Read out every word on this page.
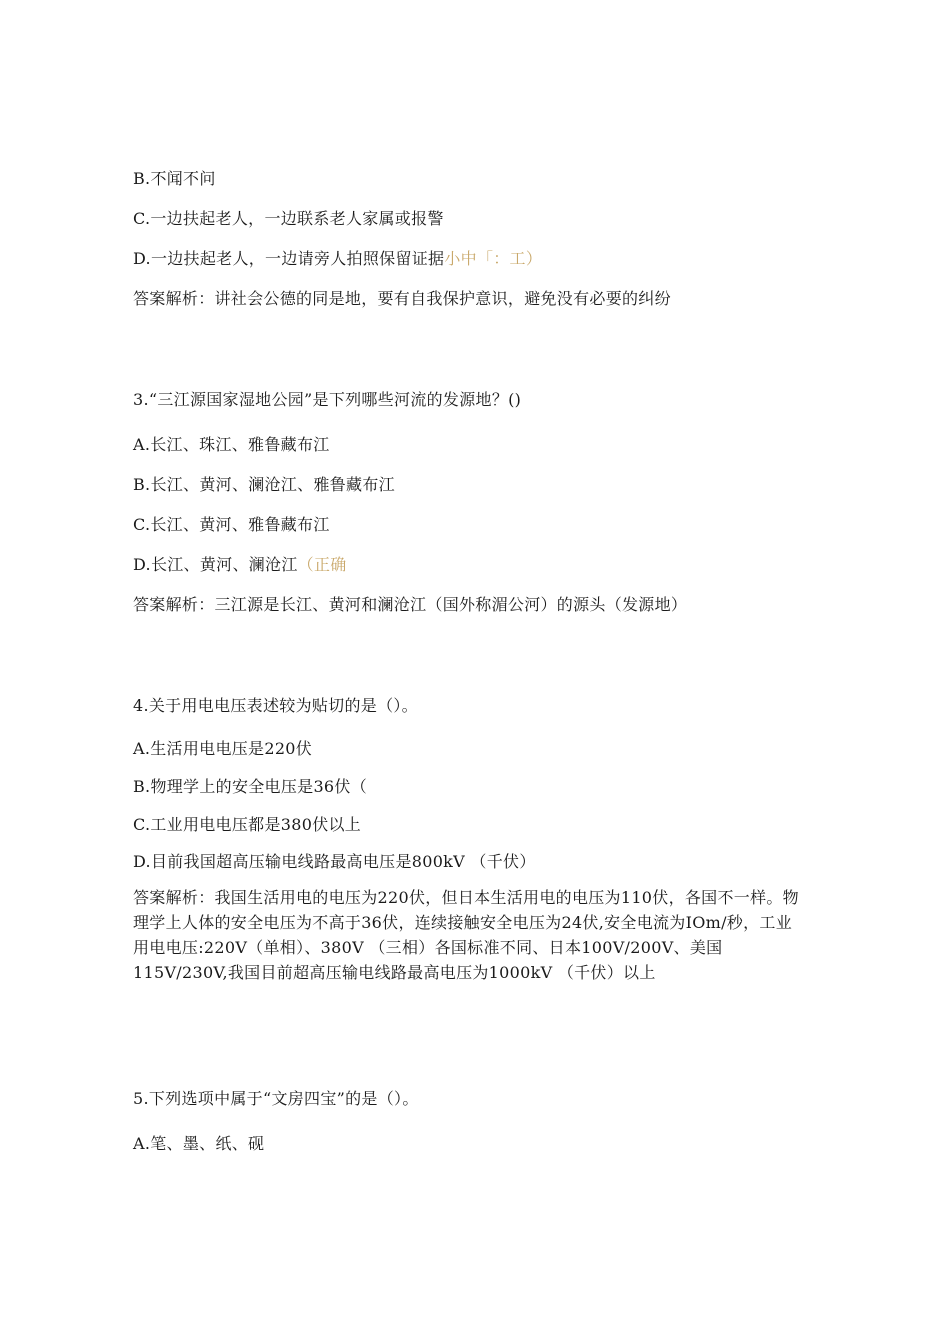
B.不闻不问
C.一边扶起老人，一边联系老人家属或报警
D.一边扶起老人，一边请旁人拍照保留证据小中「：工）
答案解析：讲社会公德的同是地，要有自我保护意识，避免没有必要的纠纷
3.“三江源国家湿地公园”是下列哪些河流的发源地？()
A.长江、珠江、雅鲁藏布江
B.长江、黄河、澜沧江、雅鲁藏布江
C.长江、黄河、雅鲁藏布江
D.长江、黄河、澜沧江（正确
答案解析：三江源是长江、黄河和澜沧江（国外称湄公河）的源头（发源地）
4.关于用电电压表述较为贴切的是（）。
A.生活用电电压是220伏
B.物理学上的安全电压是36伏（
C.工业用电电压都是380伏以上
D.目前我国超高压输电线路最高电压是800kV （千伏）
答案解析：我国生活用电的电压为220伏，但日本生活用电的电压为110伏，各国不一样。物理学上人体的安全电压为不高于36伏，连续接触安全电压为24伏,安全电流为IOm/秒，工业用电电压:220V（单相）、380V （三相）各国标准不同、日本100V/200V、美国115V/230V,我国目前超高压输电线路最高电压为1000kV （千伏）以上
5.下列选项中属于“文房四宝”的是（）。
A.笔、墨、纸、砚
